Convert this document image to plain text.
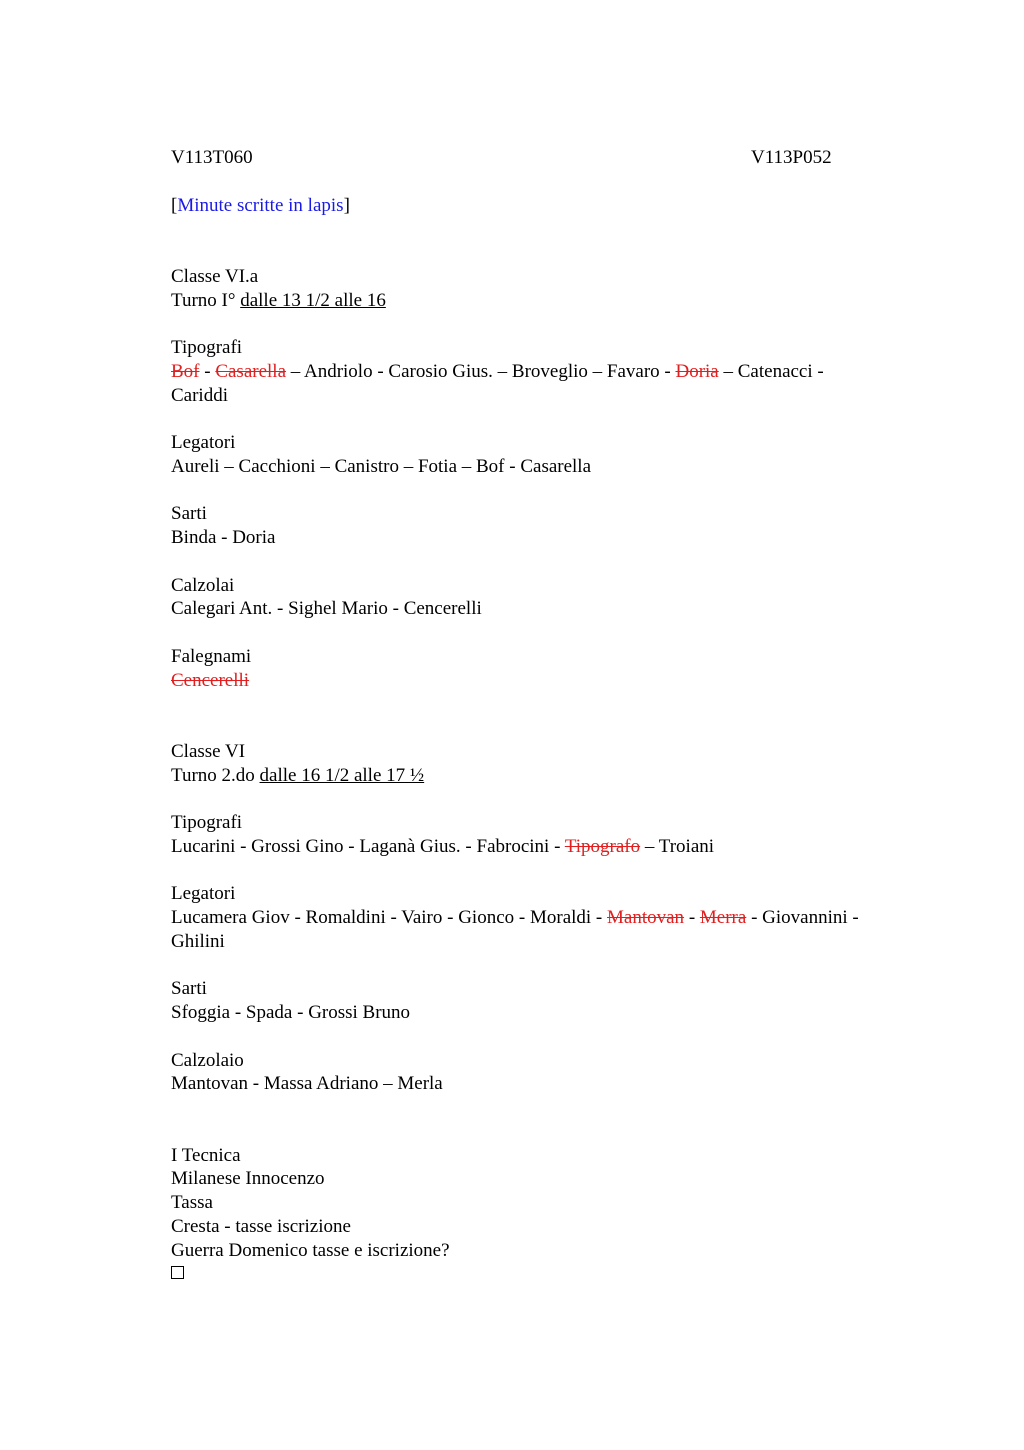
V113T060	V113P052
[Minute scritte in lapis]
Classe VI.a
Turno I° dalle 13 1/2 alle 16
Tipografi
Bof - Casarella – Andriolo - Carosio Gius. – Broveglio – Favaro - Doria – Catenacci -
Cariddi
Legatori
Aureli – Cacchioni – Canistro – Fotia – Bof - Casarella
Sarti
Binda - Doria
Calzolai
Calegari Ant. - Sighel Mario - Cencerelli
Falegnami
Cencerelli
Classe VI
Turno 2.do dalle 16 1/2 alle 17 ½
Tipografi
Lucarini - Grossi Gino - Laganà Gius. - Fabrocini - Tipografo – Troiani
Legatori
Lucamera Giov - Romaldini - Vairo - Gionco - Moraldi - Mantovan - Merra - Giovannini -
Ghilini
Sarti
Sfoggia - Spada - Grossi Bruno
Calzolaio
Mantovan - Massa Adriano – Merla
I Tecnica
Milanese Innocenzo
Tassa
Cresta - tasse iscrizione
Guerra Domenico tasse e iscrizione?
